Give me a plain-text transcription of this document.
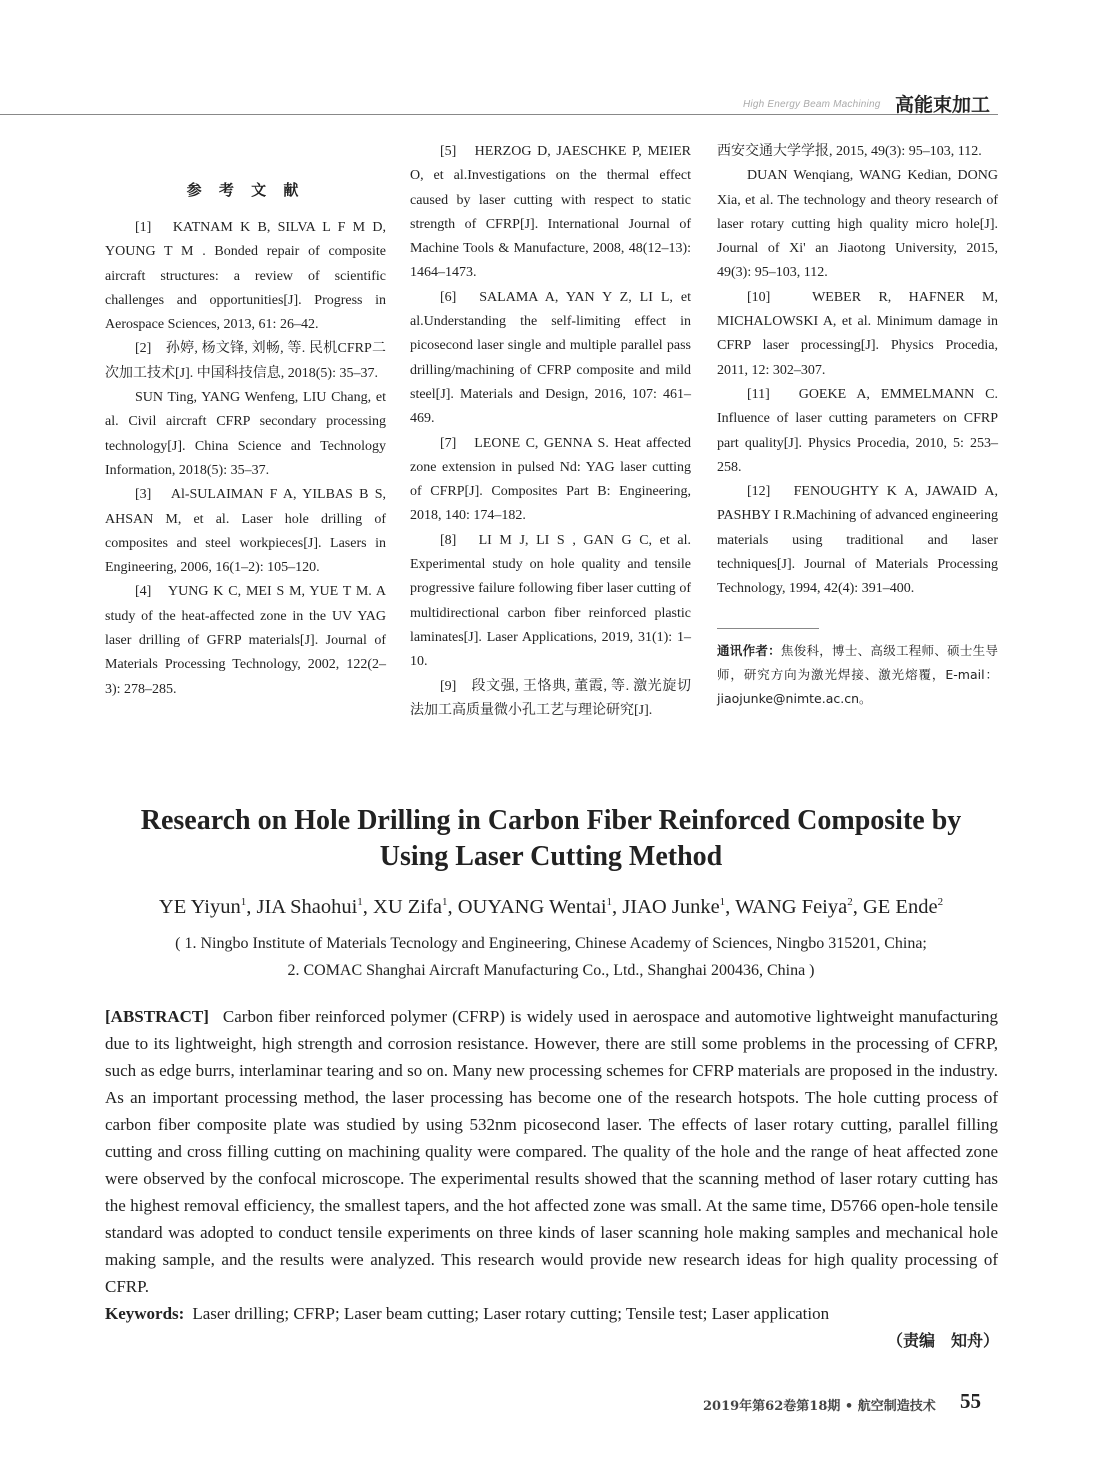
High Energy Beam Machining 高能束加工
参 考 文 献

[1]　KATNAM K B, SILVA L F M D, YOUNG T M . Bonded repair of composite aircraft structures: a review of scientific challenges and opportunities[J]. Progress in Aerospace Sciences, 2013, 61: 26–42.

[2]　孙婷, 杨文锋, 刘畅, 等. 民机CFRP二次加工技术[J]. 中国科技信息, 2018(5): 35–37.

SUN Ting, YANG Wenfeng, LIU Chang, et al. Civil aircraft CFRP secondary processing technology[J]. China Science and Technology Information, 2018(5): 35–37.

[3]　Al-SULAIMAN F A, YILBAS B S, AHSAN M, et al. Laser hole drilling of composites and steel workpieces[J]. Lasers in Engineering, 2006, 16(1–2): 105–120.

[4]　YUNG K C, MEI S M, YUE T M. A study of the heat-affected zone in the UV YAG laser drilling of GFRP materials[J]. Journal of Materials Processing Technology, 2002, 122(2–3): 278–285.

[5]　HERZOG D, JAESCHKE P, MEIER O, et al.Investigations on the thermal effect caused by laser cutting with respect to static strength of CFRP[J]. International Journal of Machine Tools & Manufacture, 2008, 48(12–13): 1464–1473.

[6]　SALAMA A, YAN Y Z, LI L, et al.Understanding the self-limiting effect in picosecond laser single and multiple parallel pass drilling/machining of CFRP composite and mild steel[J]. Materials and Design, 2016, 107: 461–469.

[7]　LEONE C, GENNA S. Heat affected zone extension in pulsed Nd: YAG laser cutting of CFRP[J]. Composites Part B: Engineering, 2018, 140: 174–182.

[8]　LI M J, LI S , GAN G C, et al. Experimental study on hole quality and tensile progressive failure following fiber laser cutting of multidirectional carbon fiber reinforced plastic laminates[J]. Laser Applications, 2019, 31(1): 1–10.

[9]　段文强, 王恪典, 董霞, 等. 激光旋切法加工高质量微小孔工艺与理论研究[J].

西安交通大学学报, 2015, 49(3): 95–103, 112.

DUAN Wenqiang, WANG Kedian, DONG Xia, et al. The technology and theory research of laser rotary cutting high quality micro hole[J]. Journal of Xi' an Jiaotong University, 2015, 49(3): 95–103, 112.

[10]　WEBER R, HAFNER M, MICHALOWSKI A, et al. Minimum damage in CFRP laser processing[J]. Physics Procedia, 2011, 12: 302–307.

[11]　GOEKE A, EMMELMANN C. Influence of laser cutting parameters on CFRP part quality[J]. Physics Procedia, 2010, 5: 253–258.

[12]　FENOUGHTY K A, JAWAID A, PASHBY I R.Machining of advanced engineering materials using traditional and laser techniques[J]. Journal of Materials Processing Technology, 1994, 42(4): 391–400.

通讯作者：焦俊科，博士、高级工程师、硕士生导师，研究方向为激光焊接、激光熔覆，E-mail：jiaojunke@nimte.ac.cn。

Research on Hole Drilling in Carbon Fiber Reinforced Composite by
Using Laser Cutting Method
YE Yiyun$^1$, JIA Shaohui$^1$, XU Zifa$^1$, OUYANG Wentai$^1$, JIAO Junke$^1$, WANG Feiya$^2$, GE Ende$^2$
( 1. Ningbo Institute of Materials Tecnology and Engineering, Chinese Academy of Sciences, Ningbo 315201, China;
2. COMAC Shanghai Aircraft Manufacturing Co., Ltd., Shanghai 200436, China )

[ABSTRACT] Carbon fiber reinforced polymer (CFRP) is widely used in aerospace and automotive lightweight manufacturing due to its lightweight, high strength and corrosion resistance. However, there are still some problems in the processing of CFRP, such as edge burrs, interlaminar tearing and so on. Many new processing schemes for CFRP materials are proposed in the industry. As an important processing method, the laser processing has become one of the research hotspots. The hole cutting process of carbon fiber composite plate was studied by using 532nm picosecond laser. The effects of laser rotary cutting, parallel filling cutting and cross filling cutting on machining quality were compared. The quality of the hole and the range of heat affected zone were observed by the confocal microscope. The experimental results showed that the scanning method of laser rotary cutting has the highest removal efficiency, the smallest tapers, and the hot affected zone was small. At the same time, D5766 open-hole tensile standard was adopted to conduct tensile experiments on three kinds of laser scanning hole making samples and mechanical hole making sample, and the results were analyzed. This research would provide new research ideas for high quality processing of CFRP.

Keywords: Laser drilling; CFRP; Laser beam cutting; Laser rotary cutting; Tensile test; Laser application
（责编　知舟）
2019年第62卷第18期 • 航空制造技术 55
